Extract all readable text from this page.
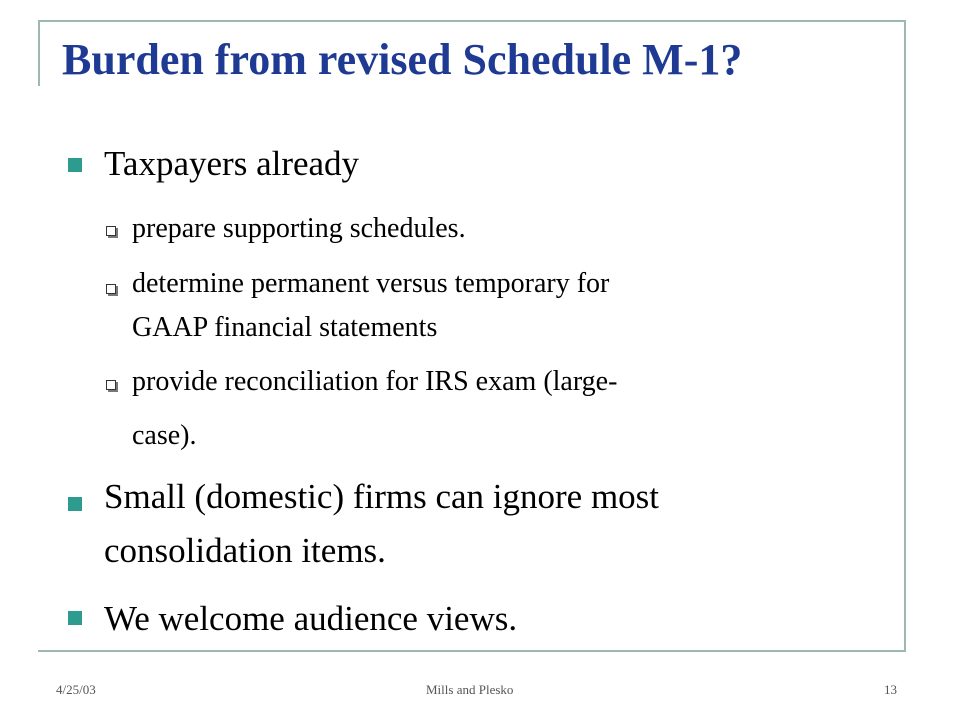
Burden from revised Schedule M-1?
Taxpayers already
prepare supporting schedules.
determine permanent versus temporary for
GAAP financial statements
provide reconciliation for IRS exam (large-
case).
Small (domestic) firms can ignore most
consolidation items.
We welcome audience views.
4/25/03	Mills and Plesko	13
